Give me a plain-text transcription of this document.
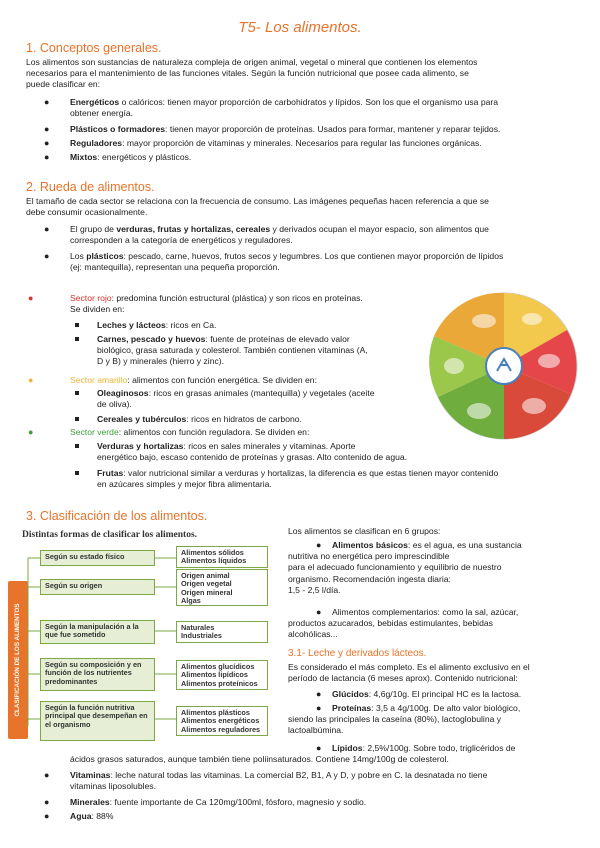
T5- Los alimentos.
1. Conceptos generales.
Los alimentos son sustancias de naturaleza compleja de origen animal, vegetal o mineral que contienen los elementos
necesarios para el mantenimiento de las funciones vitales. Según la función nutricional que posee cada alimento, se
puede clasificar en:
● Energéticos o calóricos: tienen mayor proporción de carbohidratos y lípidos. Son los que el organismo usa para
obtener energía.
● Plásticos o formadores: tienen mayor proporción de proteínas. Usados para formar, mantener y reparar tejidos.
● Reguladores: mayor proporción de vitaminas y minerales. Necesarios para regular las funciones orgánicas.
● Mixtos: energéticos y plásticos.
2. Rueda de alimentos.
El tamaño de cada sector se relaciona con la frecuencia de consumo. Las imágenes pequeñas hacen referencia a que se
debe consumir ocasionalmente.
● El grupo de verduras, frutas y hortalizas, cereales y derivados ocupan el mayor espacio, son alimentos que
corresponden a la categoría de energéticos y reguladores.
● Los plásticos: pescado, carne, huevos, frutos secos y legumbres. Los que contienen mayor proporción de lípidos
(ej: mantequilla), representan una pequeña proporción.
●	Sector rojo: predomina función estructural (plástica) y son ricos en proteínas.
Se dividen en:
Leches y lácteos: ricos en Ca.
Carnes, pescado y huevos: fuente de proteínas de elevado valor
biológico, grasa saturada y colesterol. También contienen vitaminas (A,
D y B) y minerales (hierro y zinc).
●	Sector amarillo: alimentos con función energética. Se dividen en:
Oleaginosos: ricos en grasas animales (mantequilla) y vegetales (aceite
de oliva).
Cereales y tubérculos: ricos en hidratos de carbono.
●	Sector verde: alimentos con función reguladora. Se dividen en:
Verduras y hortalizas: ricos en sales minerales y vitaminas. Aporte
energético bajo, escaso contenido de proteínas y grasas. Alto contenido de agua.
Frutas: valor nutricional similar a verduras y hortalizas, la diferencia es que estas tienen mayor contenido
en azúcares simples y mejor fibra alimentaria.
3. Clasificación de los alimentos.
Distintas formas de clasificar los alimentos.
CLASIFICACIÓN DE LOS ALIMENTOS
Según su estado físico
Según su origen
Según la manipulación a la que fue sometido
Según su composición y en función de los nutrientes predominantes
Según la función nutritiva principal que desempeñan en el organismo
Alimentos sólidos
Alimentos líquidos
Origen animal
Origen vegetal
Origen mineral
Algas
Naturales
Industriales
Alimentos glucídicos
Alimentos lipídicos
Alimentos proteínicos
Alimentos plásticos
Alimentos energéticos
Alimentos reguladores
Los alimentos se clasifican en 6 grupos:
● Alimentos básicos: es el agua, es una sustancia
nutritiva no energética pero imprescindible
para el adecuado funcionamiento y equilibrio de nuestro
organismo. Recomendación ingesta diaria:
1,5 - 2,5 l/día.
● Alimentos complementarios: como la sal, azúcar,
productos azucarados, bebidas estimulantes, bebidas
alcohólicas...
3.1- Leche y derivados lácteos.
Es considerado el más completo. Es el alimento exclusivo en el
período de lactancia (6 meses aprox). Contenido nutricional:
● Glúcidos: 4,6g/10g. El principal HC es la lactosa.
● Proteínas: 3,5 a 4g/100g. De alto valor biológico,
siendo las principales la caseína (80%), lactoglobulina y
lactoalbúmina.
● Lípidos: 2,5%/100g. Sobre todo, triglicéridos de
ácidos grasos saturados, aunque también tiene poliinsaturados. Contiene 14mg/100g de colesterol.
● Vitaminas: leche natural todas las vitaminas. La comercial B2, B1, A y D, y pobre en C. la desnatada no tiene
vitaminas liposolubles.
● Minerales: fuente importante de Ca 120mg/100ml, fósforo, magnesio y sodio.
● Agua: 88%
